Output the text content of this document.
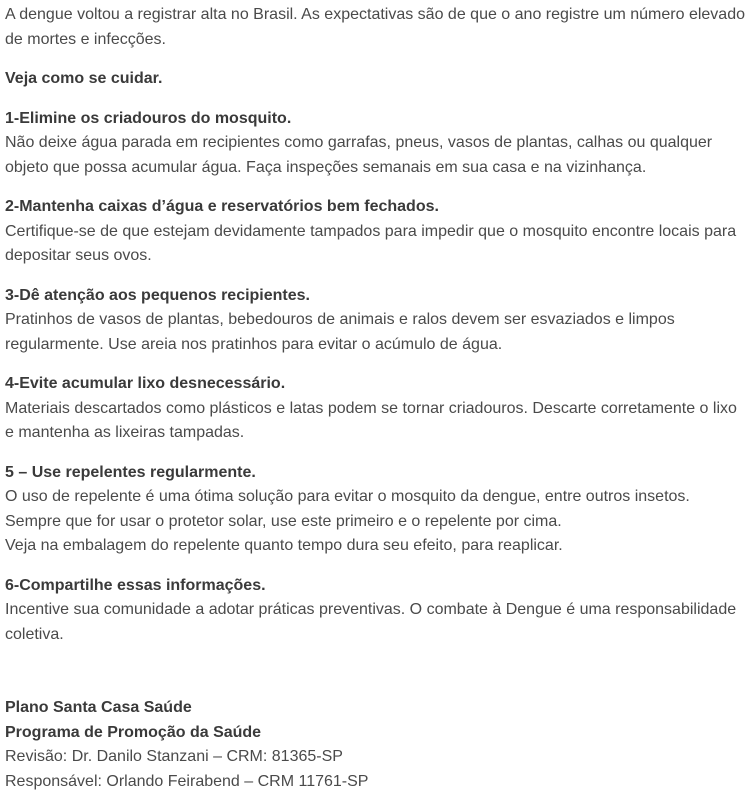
A dengue voltou a registrar alta no Brasil. As expectativas são de que o ano registre um número elevado de mortes e infecções.

Veja como se cuidar.

1-Elimine os criadouros do mosquito.
Não deixe água parada em recipientes como garrafas, pneus, vasos de plantas, calhas ou qualquer objeto que possa acumular água. Faça inspeções semanais em sua casa e na vizinhança.

2-Mantenha caixas d’água e reservatórios bem fechados.
Certifique-se de que estejam devidamente tampados para impedir que o mosquito encontre locais para depositar seus ovos.

3-Dê atenção aos pequenos recipientes.
Pratinhos de vasos de plantas, bebedouros de animais e ralos devem ser esvaziados e limpos regularmente. Use areia nos pratinhos para evitar o acúmulo de água.

4-Evite acumular lixo desnecessário.
Materiais descartados como plásticos e latas podem se tornar criadouros. Descarte corretamente o lixo e mantenha as lixeiras tampadas.

5 – Use repelentes regularmente.
O uso de repelente é uma ótima solução para evitar o mosquito da dengue, entre outros insetos.
Sempre que for usar o protetor solar, use este primeiro e o repelente por cima.
Veja na embalagem do repelente quanto tempo dura seu efeito, para reaplicar.

6-Compartilhe essas informações.
Incentive sua comunidade a adotar práticas preventivas. O combate à Dengue é uma responsabilidade coletiva.

Plano Santa Casa Saúde
Programa de Promoção da Saúde
Revisão: Dr. Danilo Stanzani – CRM: 81365-SP
Responsável: Orlando Feirabend – CRM 11761-SP
